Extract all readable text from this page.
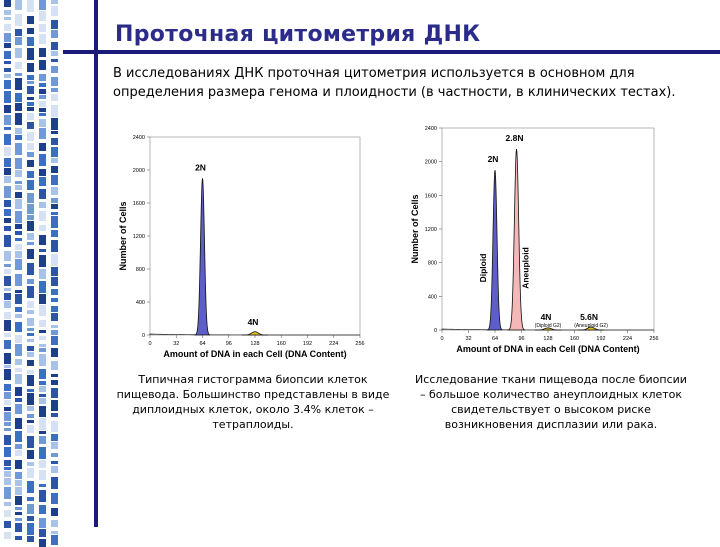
Проточная цитометрия ДНК

В исследованиях ДНК проточная цитометрия используется в основном для определения размера генома и плоидности (в частности, в клинических тестах).

0
400
800
1200
1600
2000
2400
0	32	64	96	128	160	192	224	256
Amount of DNA in each Cell (DNA Content)
Number of Cells
2N
4N
0
400
800
1200
1600
2000
2400
0	32	64	96	128	160	192	224	256
Amount of DNA in each Cell (DNA Content)
Number of Cells
2N
Diploid
2.8N
Aneuploid
4N
(Diploid G2)
5.6N
(Aneuploid G2)

Типичная гистограмма биопсии клеток пищевода. Большинство представлены в виде диплоидных клеток, около 3.4% клеток – тетраплоиды.

Исследование ткани пищевода после биопсии – большое количество анеуплоидных клеток свидетельствует о высоком риске возникновения дисплазии или рака.
